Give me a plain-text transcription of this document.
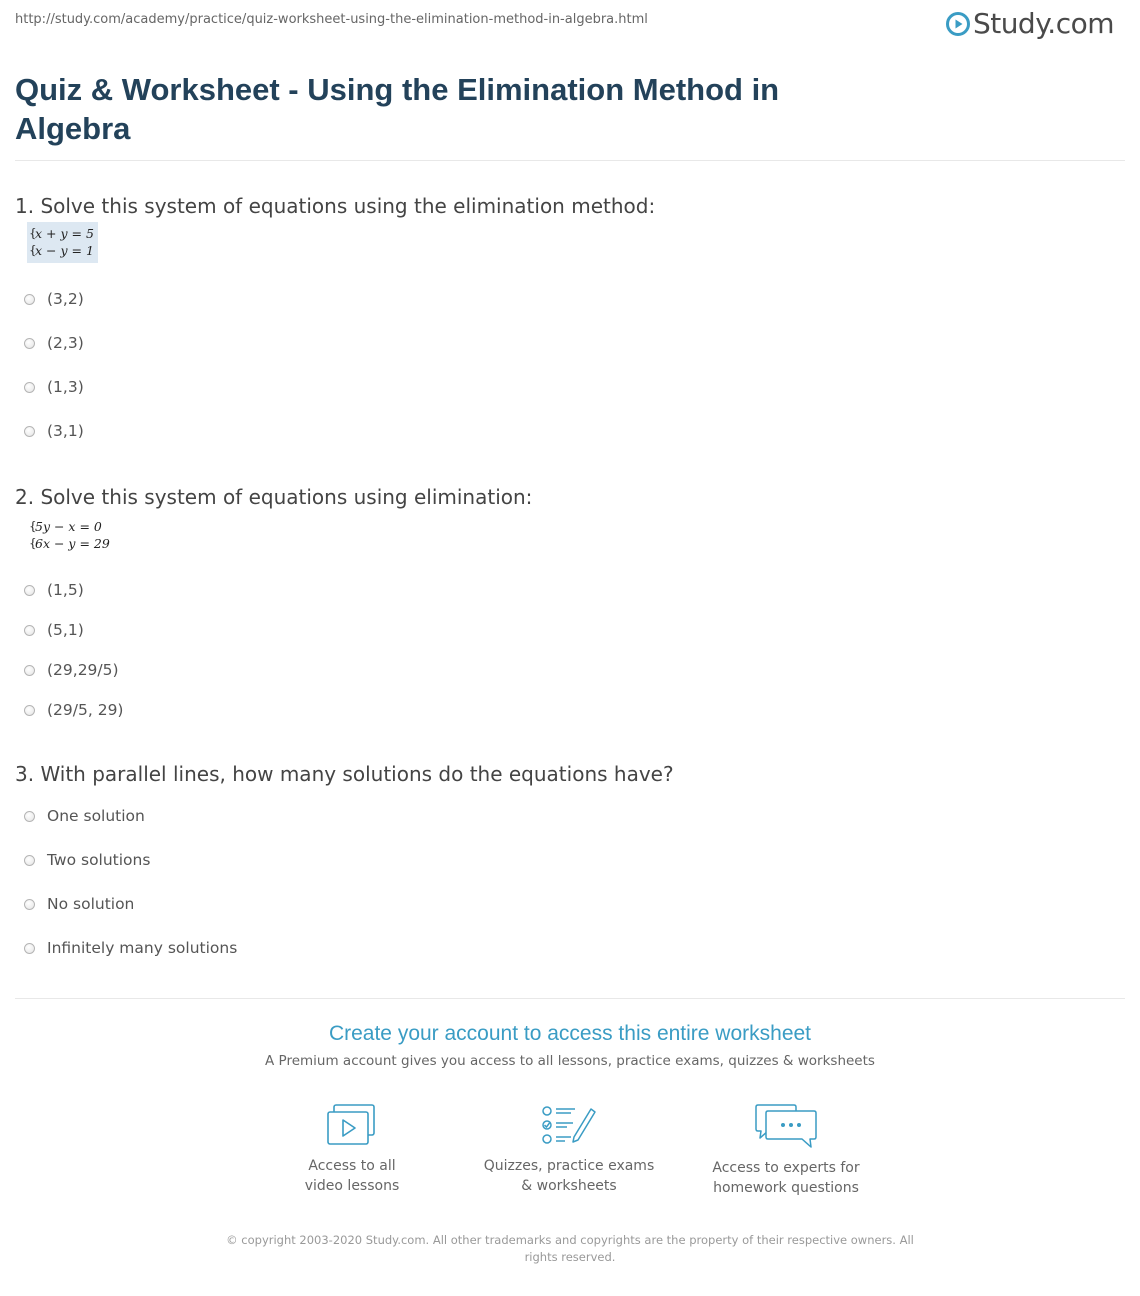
http://study.com/academy/practice/quiz-worksheet-using-the-elimination-method-in-algebra.html	Study.com
Quiz & Worksheet - Using the Elimination Method in Algebra
1. Solve this system of equations using the elimination method:
{
x + y = 5
{
x − y = 1
(3,2)
(2,3)
(1,3)
(3,1)
2. Solve this system of equations using elimination:
{
5y − x = 0
{
6x − y = 29
(1,5)
(5,1)
(29,29/5)
(29/5, 29)
3. With parallel lines, how many solutions do the equations have?
One solution
Two solutions
No solution
Infinitely many solutions
Create your account to access this entire worksheet
A Premium account gives you access to all lessons, practice exams, quizzes & worksheets
Access to all
video lessons
Quizzes, practice exams
& worksheets
Access to experts for
homework questions
© copyright 2003-2020 Study.com. All other trademarks and copyrights are the property of their respective owners. All rights reserved.
